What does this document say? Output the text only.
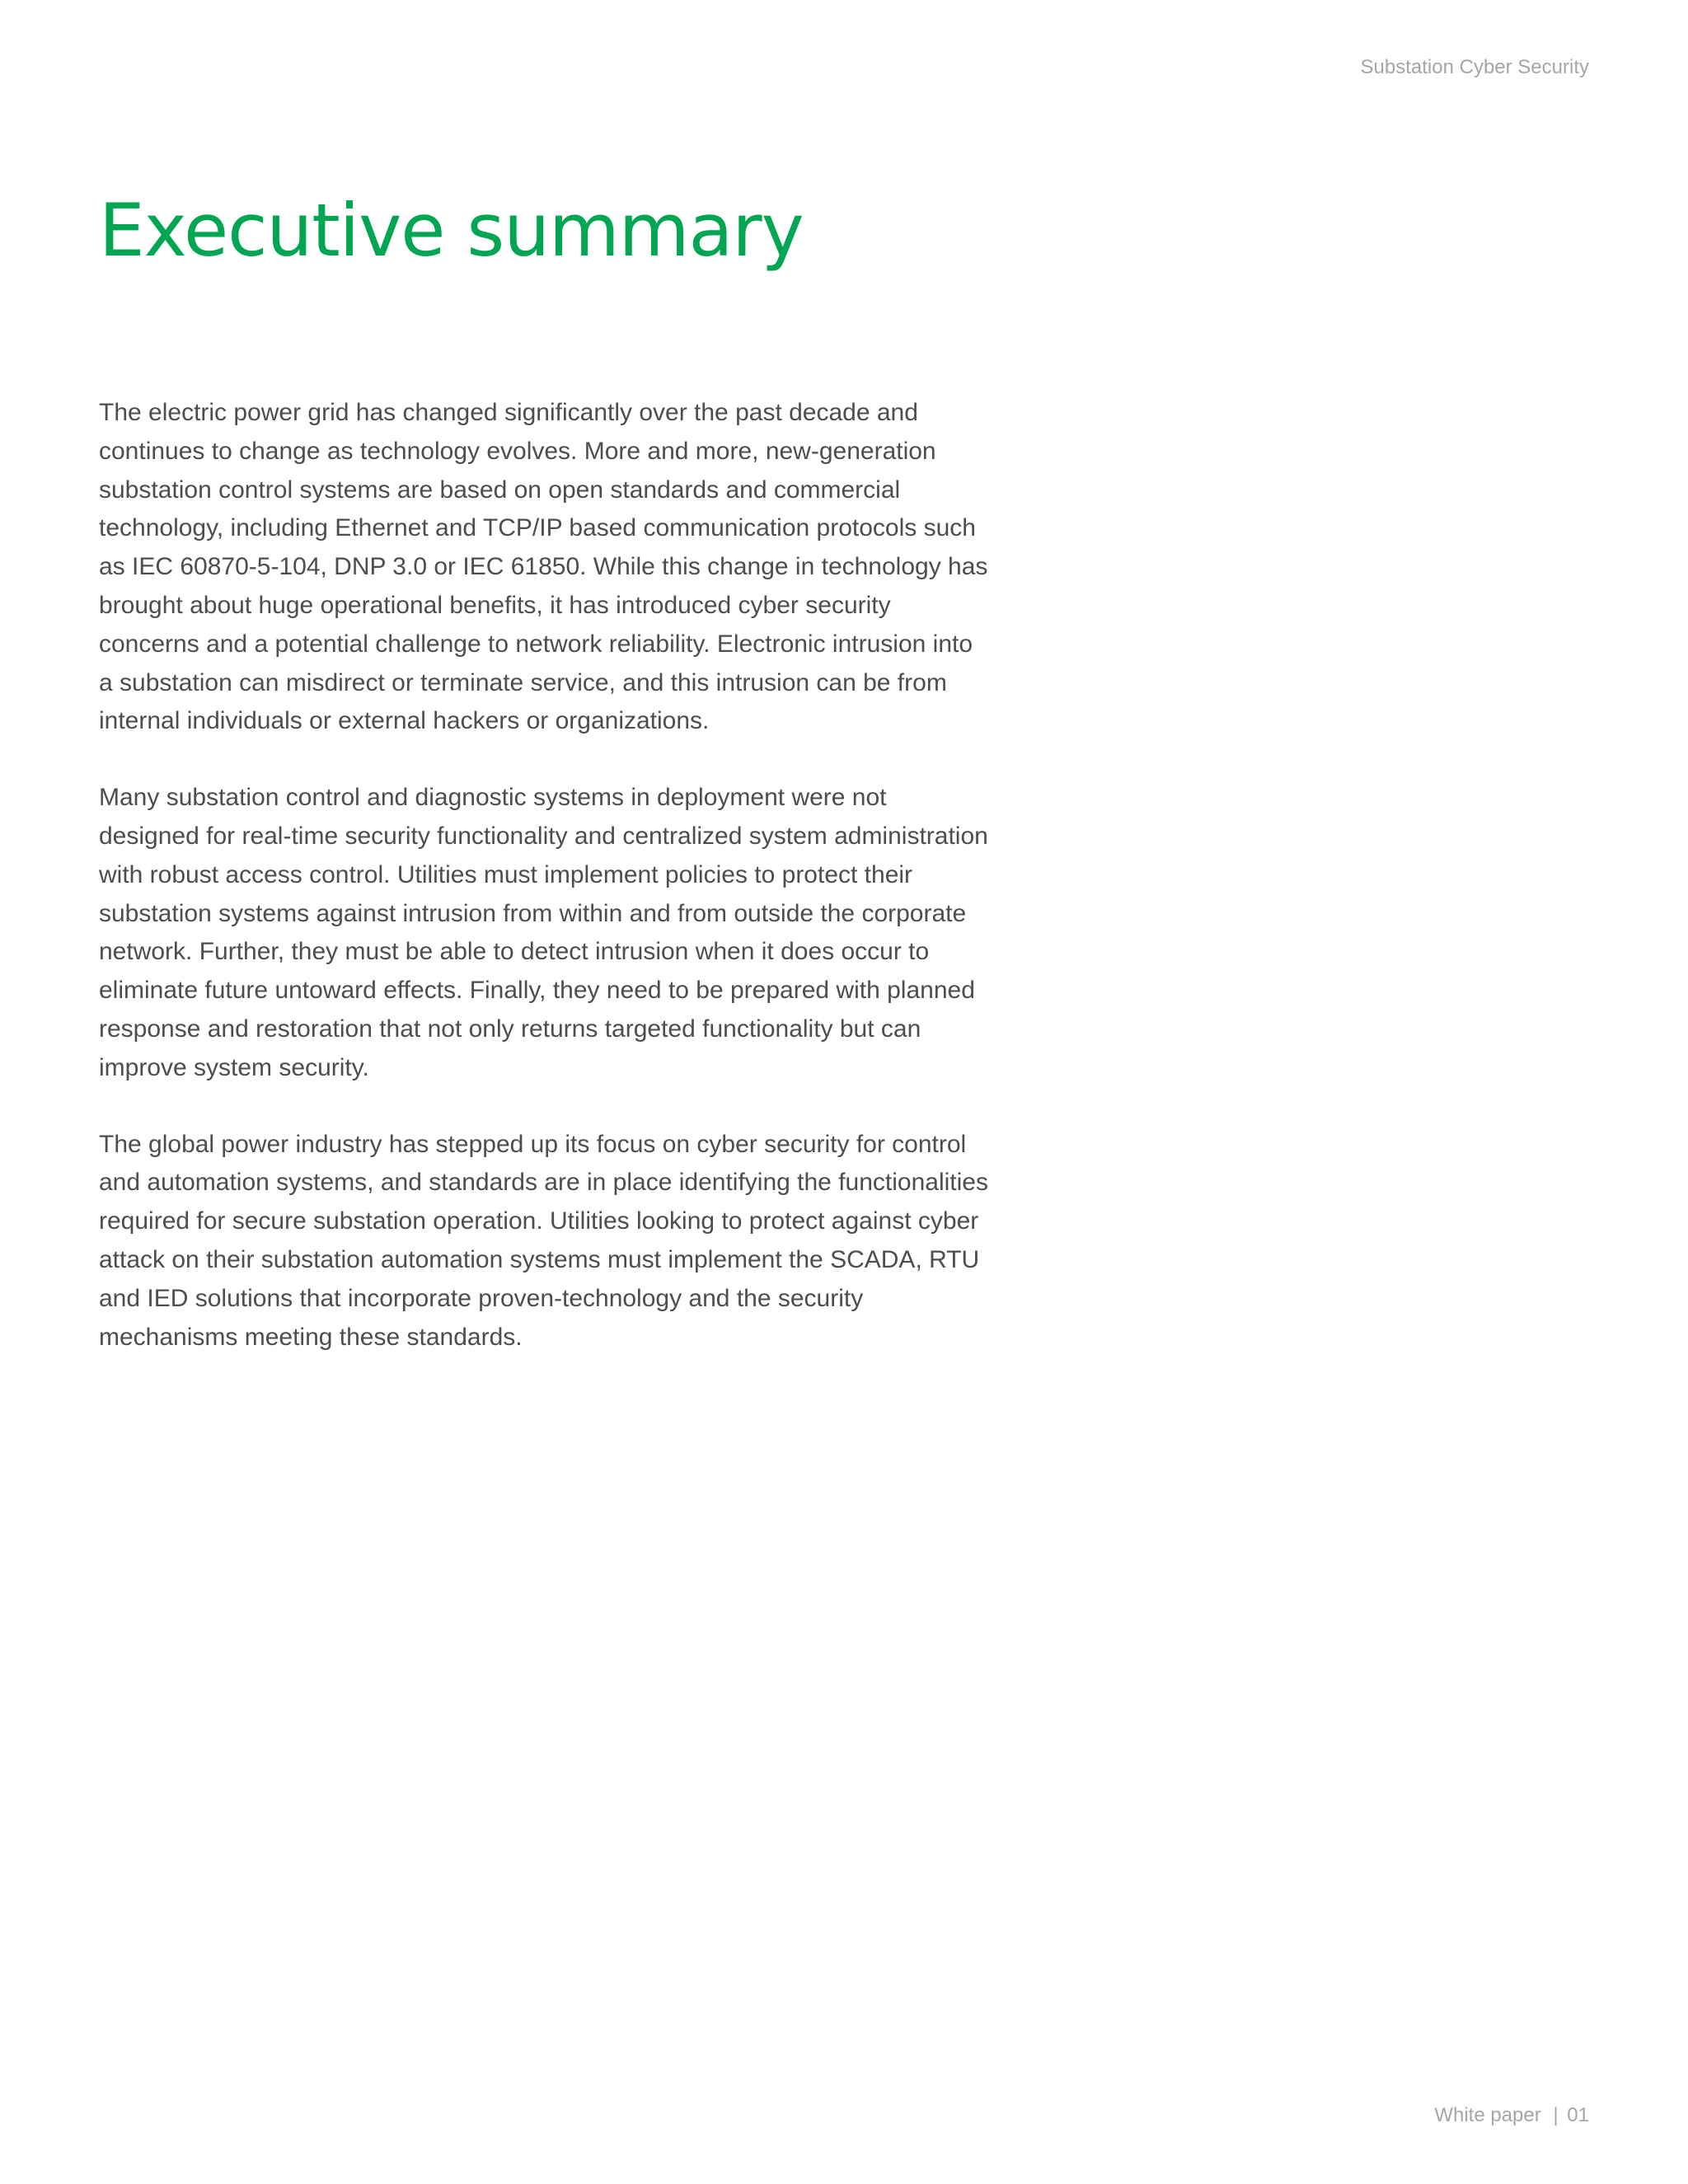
Substation Cyber Security
Executive summary

The electric power grid has changed significantly over the past decade and continues to change as technology evolves. More and more, new-generation substation control systems are based on open standards and commercial technology, including Ethernet and TCP/IP based communication protocols such as IEC 60870-5-104, DNP 3.0 or IEC 61850. While this change in technology has brought about huge operational benefits, it has introduced cyber security concerns and a potential challenge to network reliability. Electronic intrusion into a substation can misdirect or terminate service, and this intrusion can be from internal individuals or external hackers or organizations.

Many substation control and diagnostic systems in deployment were not designed for real-time security functionality and centralized system administration with robust access control. Utilities must implement policies to protect their substation systems against intrusion from within and from outside the corporate network. Further, they must be able to detect intrusion when it does occur to eliminate future untoward effects. Finally, they need to be prepared with planned response and restoration that not only returns targeted functionality but can improve system security.

The global power industry has stepped up its focus on cyber security for control and automation systems, and standards are in place identifying the functionalities required for secure substation operation. Utilities looking to protect against cyber attack on their substation automation systems must implement the SCADA, RTU and IED solutions that incorporate proven-technology and the security mechanisms meeting these standards.

White paper | 01
